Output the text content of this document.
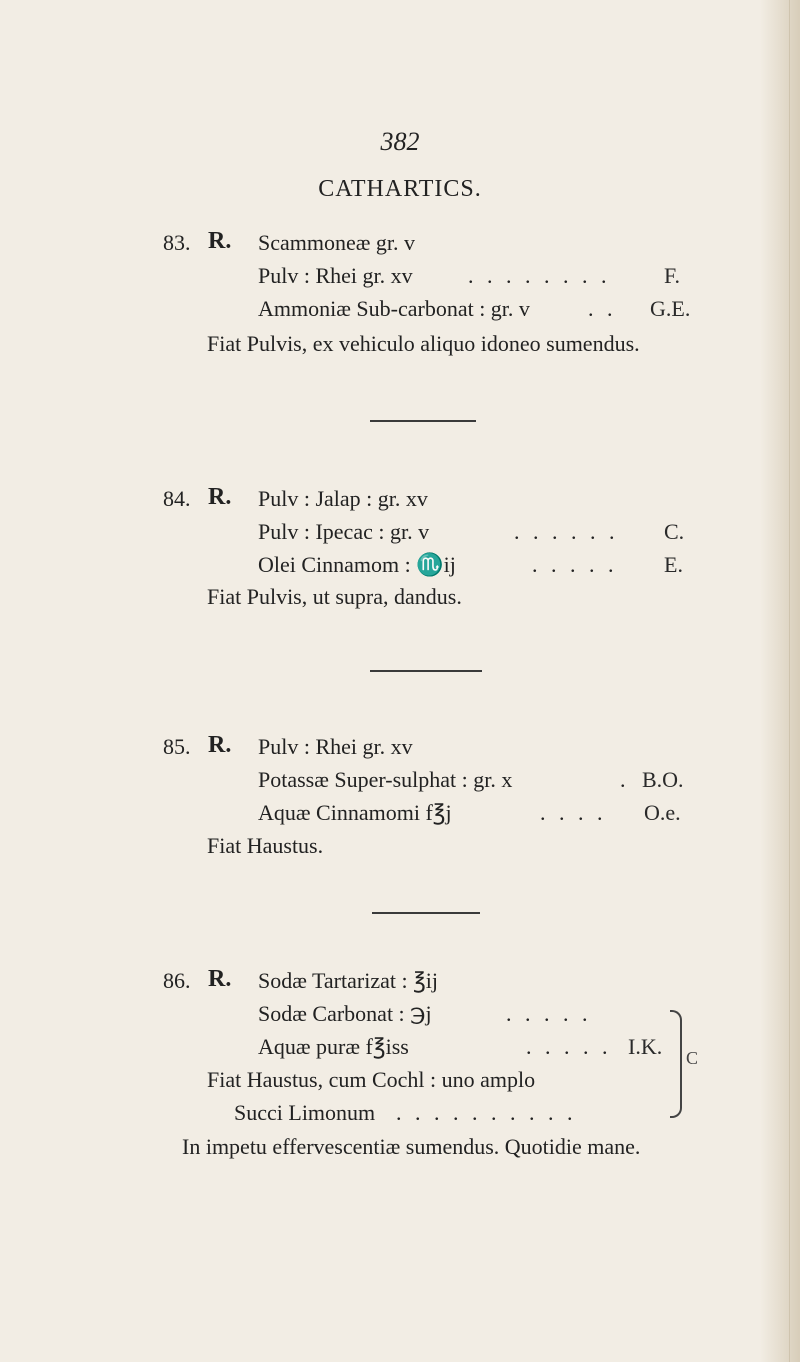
382
CATHARTICS.
83. R. Scammoneæ gr. v
Pulv : Rhei gr. xv	. . . . . . . . F.
Ammoniæ Sub-carbonat : gr. v	. . G.E.
Fiat Pulvis, ex vehiculo aliquo idoneo sumendus.
84. R. Pulv : Jalap : gr. xv
Pulv : Ipecac : gr. v	. . . . . . C.
Olei Cinnamom : ♏ij	. . . . . E.
Fiat Pulvis, ut supra, dandus.
85. R. Pulv : Rhei gr. xv
Potassæ Super-sulphat : gr. x	. B.O.
Aquæ Cinnamomi f℥j	. . . . O.e.
Fiat Haustus.
86. R. Sodæ Tartarizat : ℥ij
Sodæ Carbonat : ℈j	. . . . .
Aquæ puræ f℥iss	. . . . . I.K.
Fiat Haustus, cum Cochl : uno amplo
Succi Limonum . . . . . . . . . .
C
In impetu effervescentiæ sumendus. Quotidie mane.
